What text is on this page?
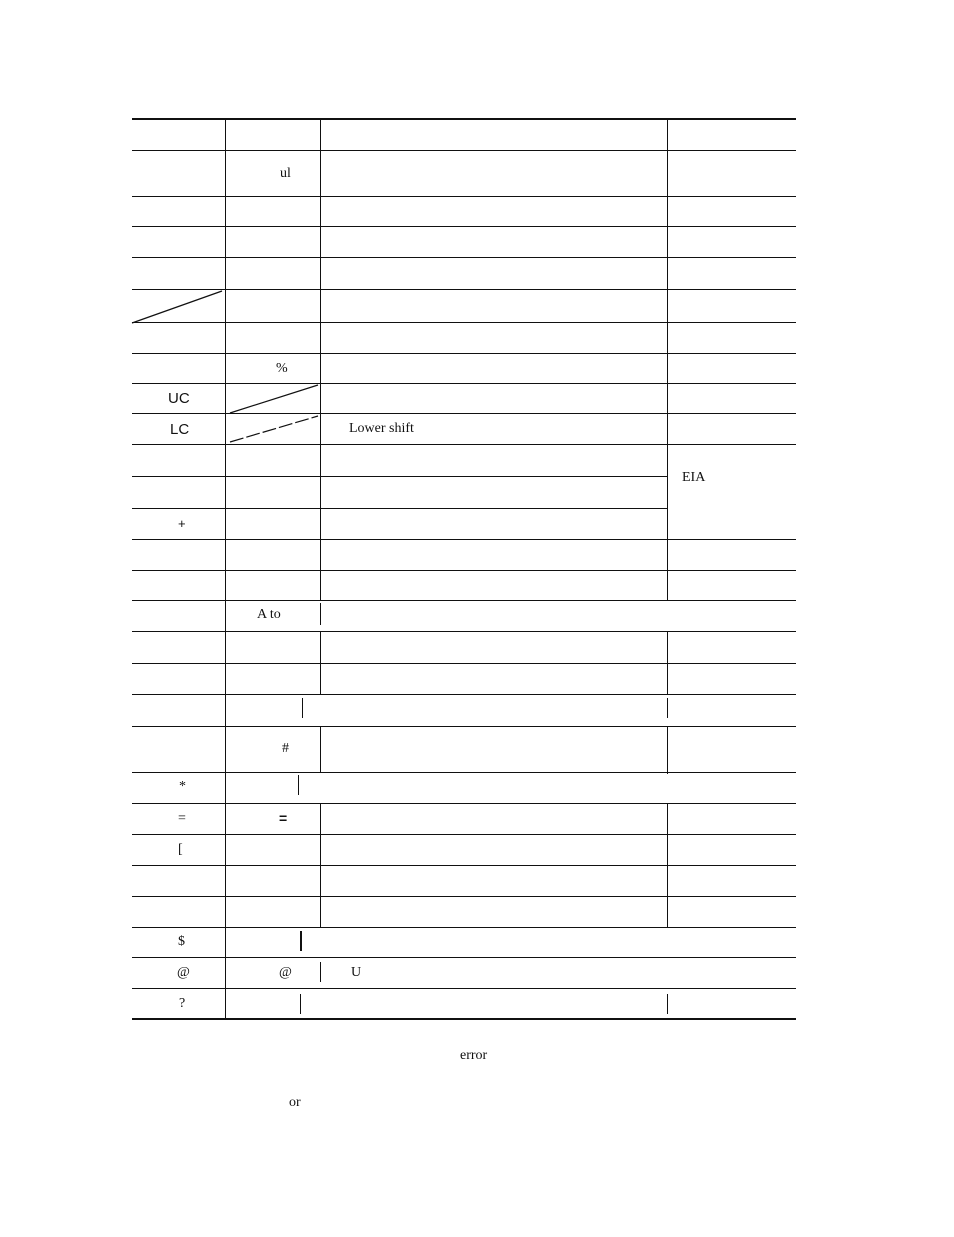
UC
LC
+
*
=
[
$
@
?
ul
%
A to
#
=
@
Lower shift
U
EIA
error
or
